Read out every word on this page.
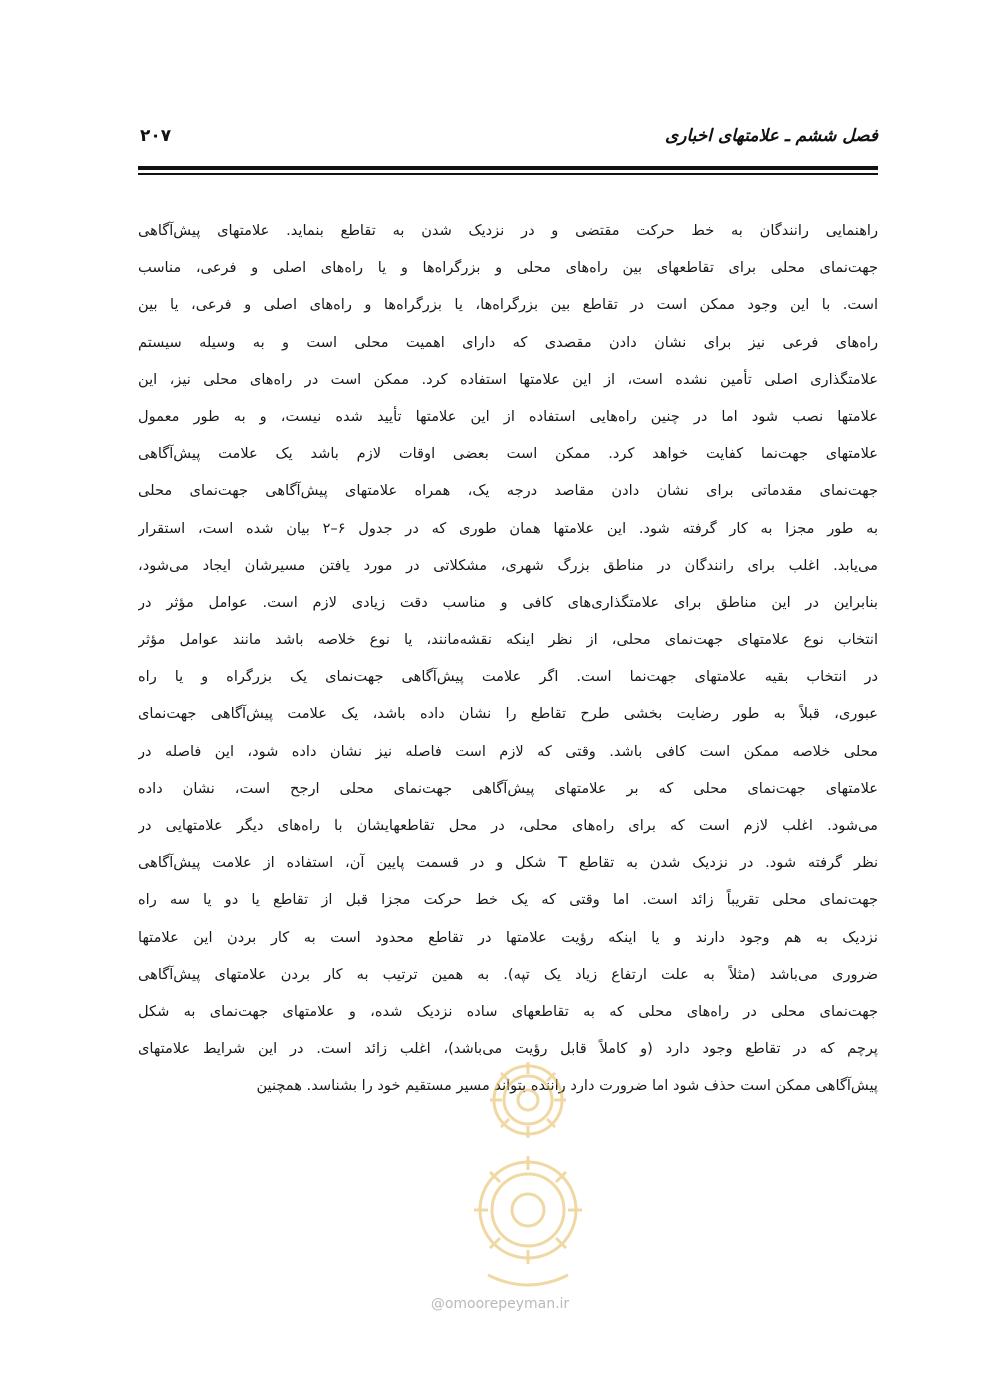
فصل ششم ـ علامتهای اخباری
۲۰۷
راهنمایی رانندگان به خط حرکت مقتضی و در نزدیک شدن به تقاطع بنماید. علامتهای پیش‌آگاهی
جهت‌نمای محلی برای تقاطعهای بین راه‌های محلی و بزرگراه‌ها و یا راه‌های اصلی و فرعی، مناسب
است. با این وجود ممکن است در تقاطع بین بزرگراه‌ها، یا بزرگراه‌ها و راه‌های اصلی و فرعی، یا بین
راه‌های فرعی نیز برای نشان دادن مقصدی که دارای اهمیت محلی است و به وسیله سیستم
علامتگذاری اصلی تأمین نشده است، از این علامتها استفاده کرد. ممکن است در راه‌های محلی نیز، این
علامتها نصب شود اما در چنین راه‌هایی استفاده از این علامتها تأیید شده نیست، و به طور معمول
علامتهای جهت‌نما کفایت خواهد کرد. ممکن است بعضی اوقات لازم باشد یک علامت پیش‌آگاهی
جهت‌نمای مقدماتی برای نشان دادن مقاصد درجه یک، همراه علامتهای پیش‌آگاهی جهت‌نمای محلی
به طور مجزا به کار گرفته شود. این علامتها همان طوری که در جدول ۶–۲ بیان شده است، استقرار
می‌یابد. اغلب برای رانندگان در مناطق بزرگ شهری، مشکلاتی در مورد یافتن مسیرشان ایجاد می‌شود،
بنابراین در این مناطق برای علامتگذاری‌های کافی و مناسب دقت زیادی لازم است. عوامل مؤثر در
انتخاب نوع علامتهای جهت‌نمای محلی، از نظر اینکه نقشه‌مانند، یا نوع خلاصه باشد مانند عوامل مؤثر
در انتخاب بقیه علامتهای جهت‌نما است. اگر علامت پیش‌آگاهی جهت‌نمای یک بزرگراه و یا راه
عبوری، قبلاً به طور رضایت بخشی طرح تقاطع را نشان داده باشد، یک علامت پیش‌آگاهی جهت‌نمای
محلی خلاصه ممکن است کافی باشد. وقتی که لازم است فاصله نیز نشان داده شود، این فاصله در
علامتهای جهت‌نمای محلی که بر علامتهای پیش‌آگاهی جهت‌نمای محلی ارجح است، نشان داده
می‌شود. اغلب لازم است که برای راه‌های محلی، در محل تقاطعهایشان با راه‌های دیگر علامتهایی در
نظر گرفته شود. در نزدیک شدن به تقاطع T شکل و در قسمت پایین آن، استفاده از علامت پیش‌آگاهی
جهت‌نمای محلی تقریباً زائد است. اما وقتی که یک خط حرکت مجزا قبل از تقاطع یا دو یا سه راه
نزدیک به هم وجود دارند و یا اینکه رؤیت علامتها در تقاطع محدود است به کار بردن این علامتها
ضروری می‌باشد (مثلاً به علت ارتفاع زیاد یک تپه). به همین ترتیب به کار بردن علامتهای پیش‌آگاهی
جهت‌نمای محلی در راه‌های محلی که به تقاطعهای ساده نزدیک شده، و علامتهای جهت‌نمای به شکل
پرچم که در تقاطع وجود دارد (و کاملاً قابل رؤیت می‌باشد)، اغلب زائد است. در این شرایط علامتهای
پیش‌آگاهی ممکن است حذف شود اما ضرورت دارد راننده بتواند مسیر مستقیم خود را بشناسد. همچنین
@omoorepeyman.ir
